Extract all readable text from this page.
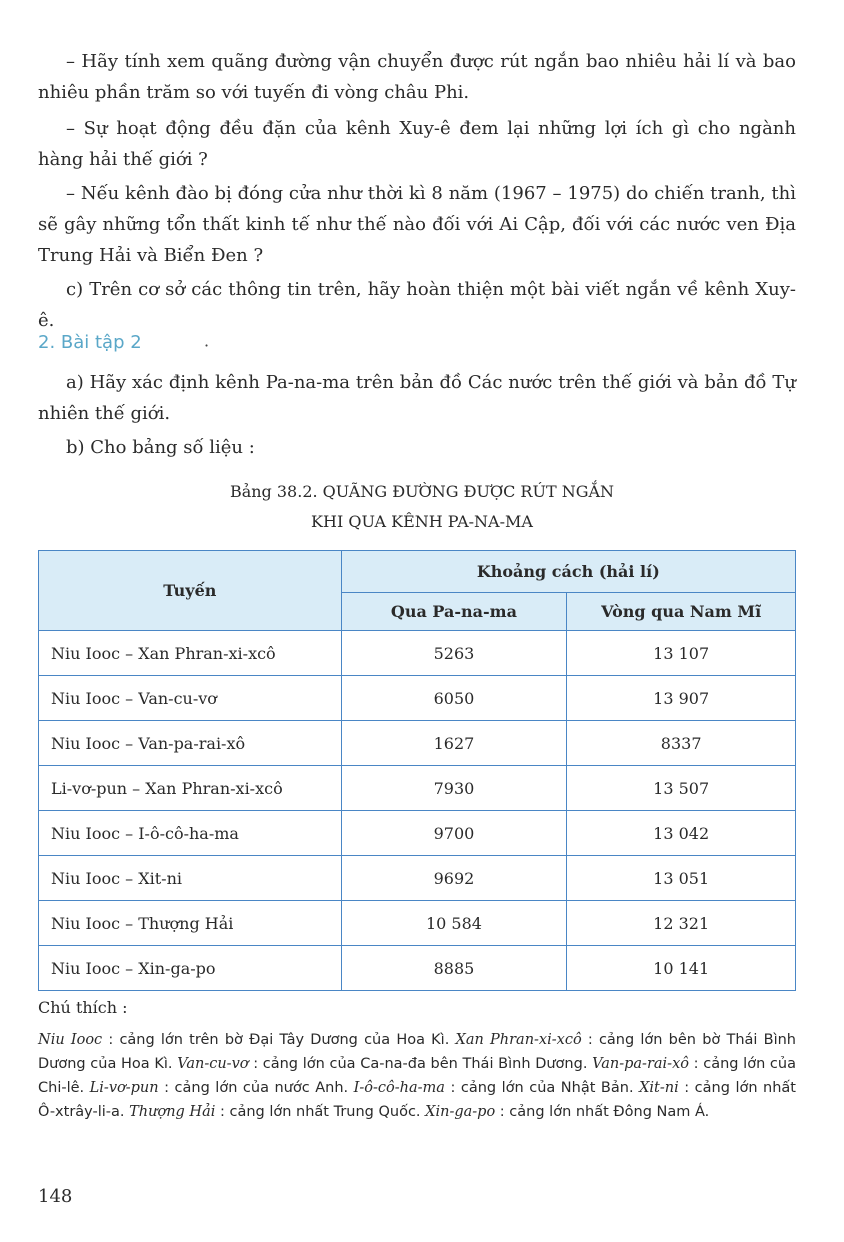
– Hãy tính xem quãng đường vận chuyển được rút ngắn bao nhiêu hải lí và bao nhiêu phần trăm so với tuyến đi vòng châu Phi.

– Sự hoạt động đều đặn của kênh Xuy-ê đem lại những lợi ích gì cho ngành hàng hải thế giới ?

– Nếu kênh đào bị đóng cửa như thời kì 8 năm (1967 – 1975) do chiến tranh, thì sẽ gây những tổn thất kinh tế như thế nào đối với Ai Cập, đối với các nước ven Địa Trung Hải và Biển Đen ?

c) Trên cơ sở các thông tin trên, hãy hoàn thiện một bài viết ngắn về kênh Xuy-ê.

2. Bài tập 2	·

a) Hãy xác định kênh Pa-na-ma trên bản đồ Các nước trên thế giới và bản đồ Tự nhiên thế giới.

b) Cho bảng số liệu :

Bảng 38.2. QUÃNG ĐƯỜNG ĐƯỢC RÚT NGẮN

KHI QUA KÊNH PA-NA-MA

Tuyến	Khoảng cách (hải lí)	
	Qua Pa-na-ma	Vòng qua Nam Mĩ
Niu Iooc – Xan Phran-xi-xcô	5263	13 107
Niu Iooc – Van-cu-vơ	6050	13 907
Niu Iooc – Van-pa-rai-xô	1627	8337
Li-vơ-pun – Xan Phran-xi-xcô	7930	13 507
Niu Iooc – I-ô-cô-ha-ma	9700	13 042
Niu Iooc – Xit-ni	9692	13 051
Niu Iooc – Thượng Hải	10 584	12 321
Niu Iooc – Xin-ga-po	8885	10 141

Chú thích :

Niu Iooc : cảng lớn trên bờ Đại Tây Dương của Hoa Kì. Xan Phran-xi-xcô : cảng lớn bên bờ Thái Bình Dương của Hoa Kì. Van-cu-vơ : cảng lớn của Ca-na-đa bên Thái Bình Dương. Van-pa-rai-xô : cảng lớn của Chi-lê. Li-vơ-pun : cảng lớn của nước Anh. I-ô-cô-ha-ma : cảng lớn của Nhật Bản. Xit-ni : cảng lớn nhất Ô-xtrây-li-a. Thượng Hải : cảng lớn nhất Trung Quốc. Xin-ga-po : cảng lớn nhất Đông Nam Á.

148
